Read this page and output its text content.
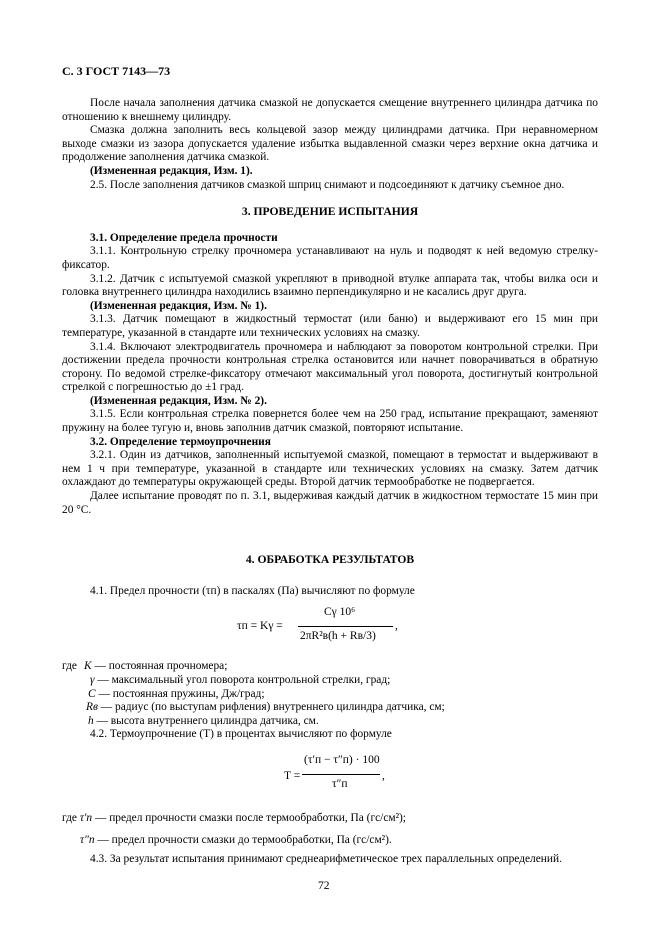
С. 3 ГОСТ 7143—73

После начала заполнения датчика смазкой не допускается смещение внутреннего цилиндра датчика по отношению к внешнему цилиндру.

Смазка должна заполнить весь кольцевой зазор между цилиндрами датчика. При неравномерном выходе смазки из зазора допускается удаление избытка выдавленной смазки через верхние окна датчика и продолжение заполнения датчика смазкой.

(Измененная редакция, Изм. 1).

2.5. После заполнения датчиков смазкой шприц снимают и подсоединяют к датчику съемное дно.

3. ПРОВЕДЕНИЕ ИСПЫТАНИЯ

3.1. Определение предела прочности

3.1.1. Контрольную стрелку прочномера устанавливают на нуль и подводят к ней ведомую стрелку-фиксатор.

3.1.2. Датчик с испытуемой смазкой укрепляют в приводной втулке аппарата так, чтобы вилка оси и головка внутреннего цилиндра находились взаимно перпендикулярно и не касались друг друга.

(Измененная редакция, Изм. № 1).

3.1.3. Датчик помещают в жидкостный термостат (или баню) и выдерживают его 15 мин при температуре, указанной в стандарте или технических условиях на смазку.

3.1.4. Включают электродвигатель прочномера и наблюдают за поворотом контрольной стрелки. При достижении предела прочности контрольная стрелка остановится или начнет поворачиваться в обратную сторону. По ведомой стрелке-фиксатору отмечают максимальный угол поворота, достигнутый контрольной стрелкой с погрешностью до ±1 град.

(Измененная редакция, Изм. № 2).

3.1.5. Если контрольная стрелка повернется более чем на 250 град, испытание прекращают, заменяют пружину на более тугую и, вновь заполнив датчик смазкой, повторяют испытание.

3.2. Определение термоупрочнения

3.2.1. Один из датчиков, заполненный испытуемой смазкой, помещают в термостат и выдерживают в нем 1 ч при температуре, указанной в стандарте или технических условиях на смазку. Затем датчик охлаждают до температуры окружающей среды. Второй датчик термообработке не подвергается.

Далее испытание проводят по п. 3.1, выдерживая каждый датчик в жидкостном термостате 15 мин при 20 °С.

4. ОБРАБОТКА РЕЗУЛЬТАТОВ

4.1. Предел прочности (τп) в паскалях (Па) вычисляют по формуле

τп = Kγ =
Cγ 10⁶
2πR²в(h + Rв/3)
,

где K — постоянная прочномера;

γ — максимальный угол поворота контрольной стрелки, град;

C — постоянная пружины, Дж/град;

Rв — радиус (по выступам рифления) внутреннего цилиндра датчика, см;

h — высота внутреннего цилиндра датчика, см.

4.2. Термоупрочнение (T) в процентах вычисляют по формуле

T =
(τ′п − τ″п) · 100
τ″п
,

где τ′п — предел прочности смазки после термообработки, Па (гс/см²);

τ″п — предел прочности смазки до термообработки, Па (гс/см²).

4.3. За результат испытания принимают среднеарифметическое трех параллельных определений.

72
